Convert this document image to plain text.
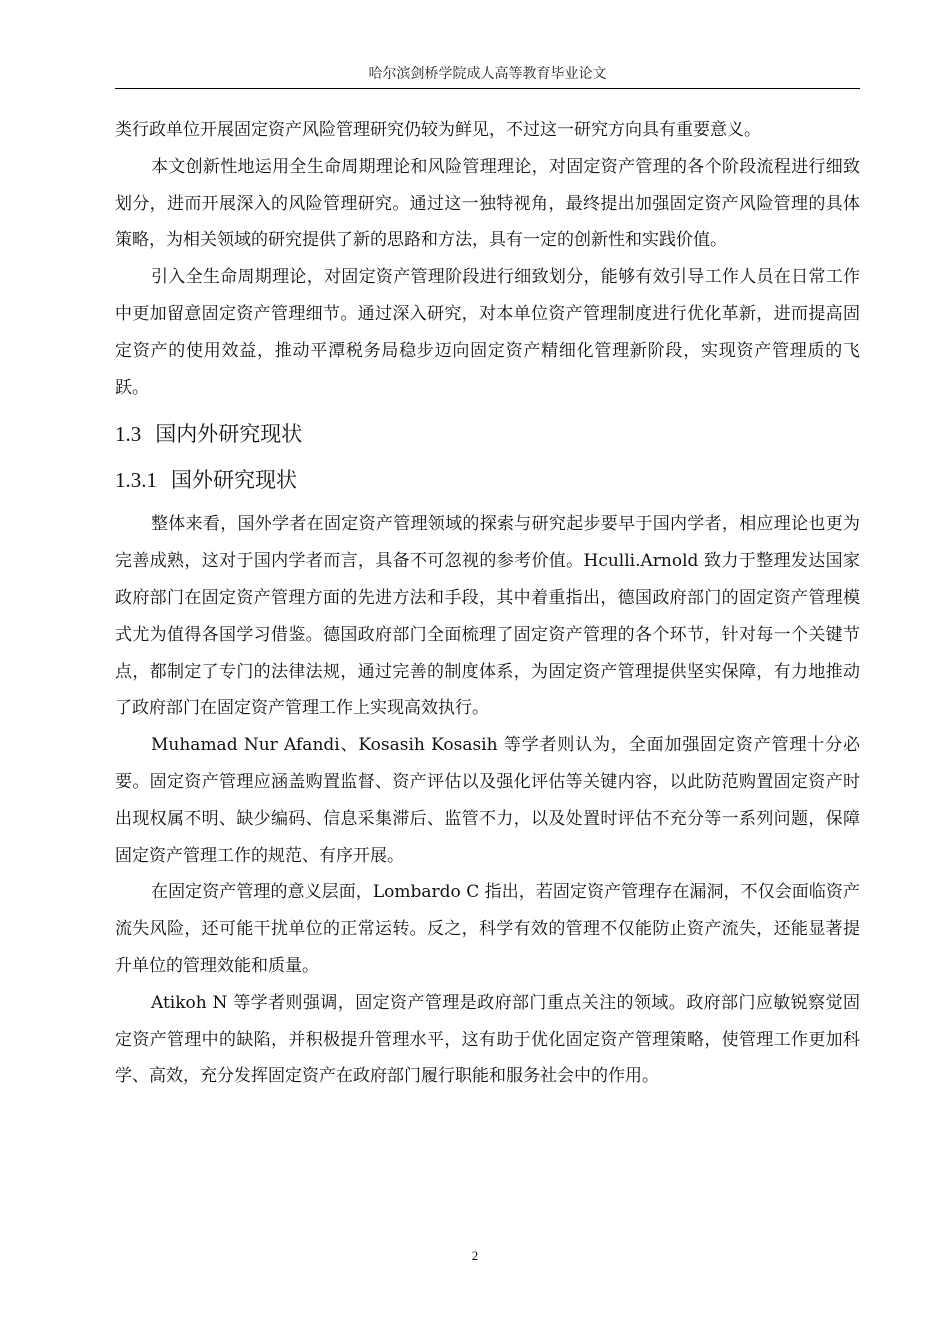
哈尔滨剑桥学院成人高等教育毕业论文

类行政单位开展固定资产风险管理研究仍较为鲜见，不过这一研究方向具有重要意义。

本文创新性地运用全生命周期理论和风险管理理论，对固定资产管理的各个阶段流程进行细致划分，进而开展深入的风险管理研究。通过这一独特视角，最终提出加强固定资产风险管理的具体策略，为相关领域的研究提供了新的思路和方法，具有一定的创新性和实践价值。

引入全生命周期理论，对固定资产管理阶段进行细致划分，能够有效引导工作人员在日常工作中更加留意固定资产管理细节。通过深入研究，对本单位资产管理制度进行优化革新，进而提高固定资产的使用效益，推动平潭税务局稳步迈向固定资产精细化管理新阶段，实现资产管理质的飞跃。

1.3 国内外研究现状
1.3.1 国外研究现状

整体来看，国外学者在固定资产管理领域的探索与研究起步要早于国内学者，相应理论也更为完善成熟，这对于国内学者而言，具备不可忽视的参考价值。Hculli.Arnold 致力于整理发达国家政府部门在固定资产管理方面的先进方法和手段，其中着重指出，德国政府部门的固定资产管理模式尤为值得各国学习借鉴。德国政府部门全面梳理了固定资产管理的各个环节，针对每一个关键节点，都制定了专门的法律法规，通过完善的制度体系，为固定资产管理提供坚实保障，有力地推动了政府部门在固定资产管理工作上实现高效执行。

Muhamad Nur Afandi、Kosasih Kosasih 等学者则认为，全面加强固定资产管理十分必要。固定资产管理应涵盖购置监督、资产评估以及强化评估等关键内容，以此防范购置固定资产时出现权属不明、缺少编码、信息采集滞后、监管不力，以及处置时评估不充分等一系列问题，保障固定资产管理工作的规范、有序开展。

在固定资产管理的意义层面，Lombardo C 指出，若固定资产管理存在漏洞，不仅会面临资产流失风险，还可能干扰单位的正常运转。反之，科学有效的管理不仅能防止资产流失，还能显著提升单位的管理效能和质量。

Atikoh N 等学者则强调，固定资产管理是政府部门重点关注的领域。政府部门应敏锐察觉固定资产管理中的缺陷，并积极提升管理水平，这有助于优化固定资产管理策略，使管理工作更加科学、高效，充分发挥固定资产在政府部门履行职能和服务社会中的作用。

2
